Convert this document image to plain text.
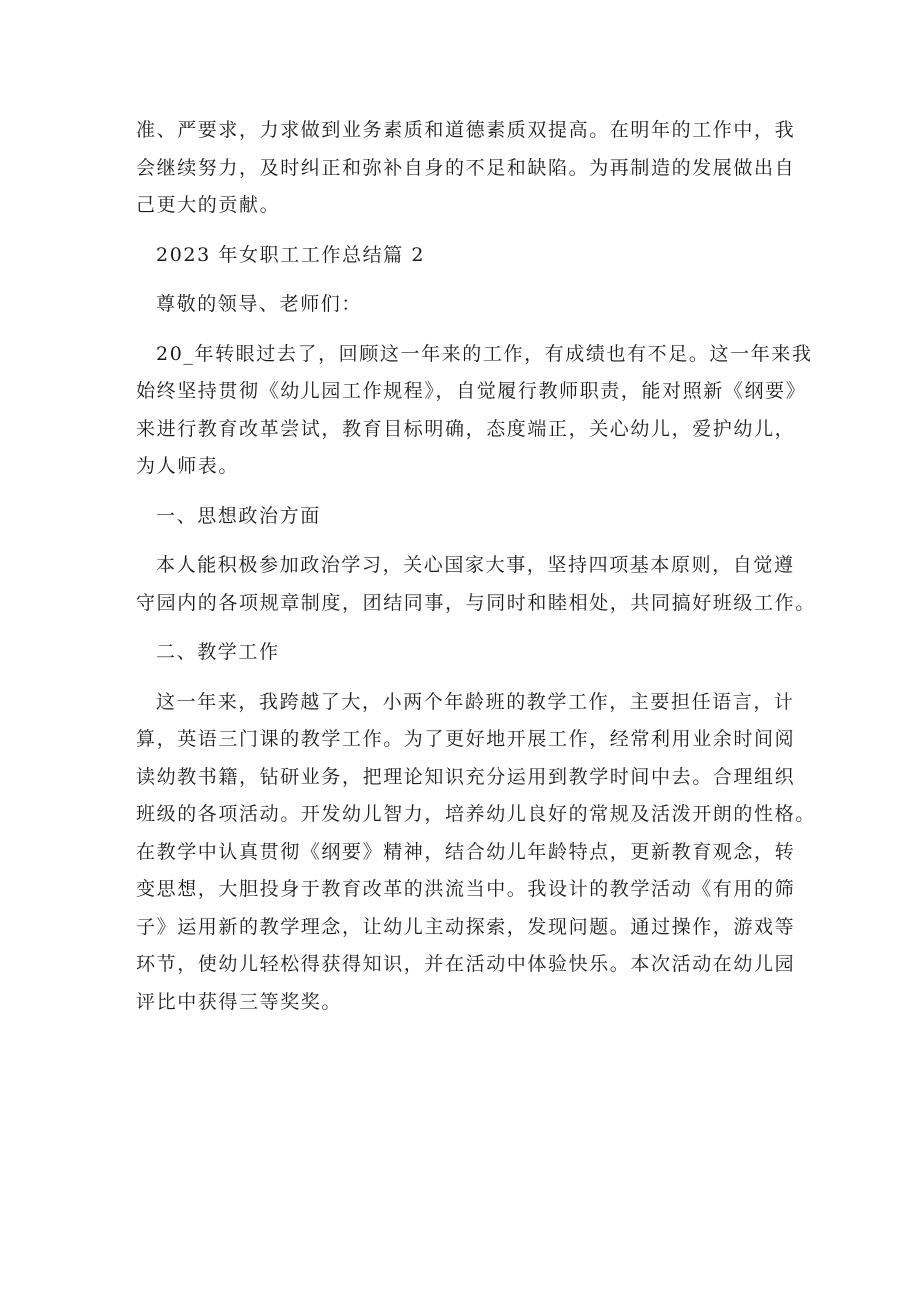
准、严要求，力求做到业务素质和道德素质双提高。在明年的工作中，我
会继续努力，及时纠正和弥补自身的不足和缺陷。为再制造的发展做出自
己更大的贡献。

2023 年女职工工作总结篇 2

尊敬的领导、老师们：

20_年转眼过去了，回顾这一年来的工作，有成绩也有不足。这一年来我
始终坚持贯彻《幼儿园工作规程》，自觉履行教师职责，能对照新《纲要》
来进行教育改革尝试，教育目标明确，态度端正，关心幼儿，爱护幼儿，
为人师表。

一、思想政治方面

本人能积极参加政治学习，关心国家大事，坚持四项基本原则，自觉遵
守园内的各项规章制度，团结同事，与同时和睦相处，共同搞好班级工作。

二、教学工作

这一年来，我跨越了大，小两个年龄班的教学工作，主要担任语言，计
算，英语三门课的教学工作。为了更好地开展工作，经常利用业余时间阅
读幼教书籍，钻研业务，把理论知识充分运用到教学时间中去。合理组织
班级的各项活动。开发幼儿智力，培养幼儿良好的常规及活泼开朗的性格。
在教学中认真贯彻《纲要》精神，结合幼儿年龄特点，更新教育观念，转
变思想，大胆投身于教育改革的洪流当中。我设计的教学活动《有用的筛
子》运用新的教学理念，让幼儿主动探索，发现问题。通过操作，游戏等
环节，使幼儿轻松得获得知识，并在活动中体验快乐。本次活动在幼儿园
评比中获得三等奖奖。
